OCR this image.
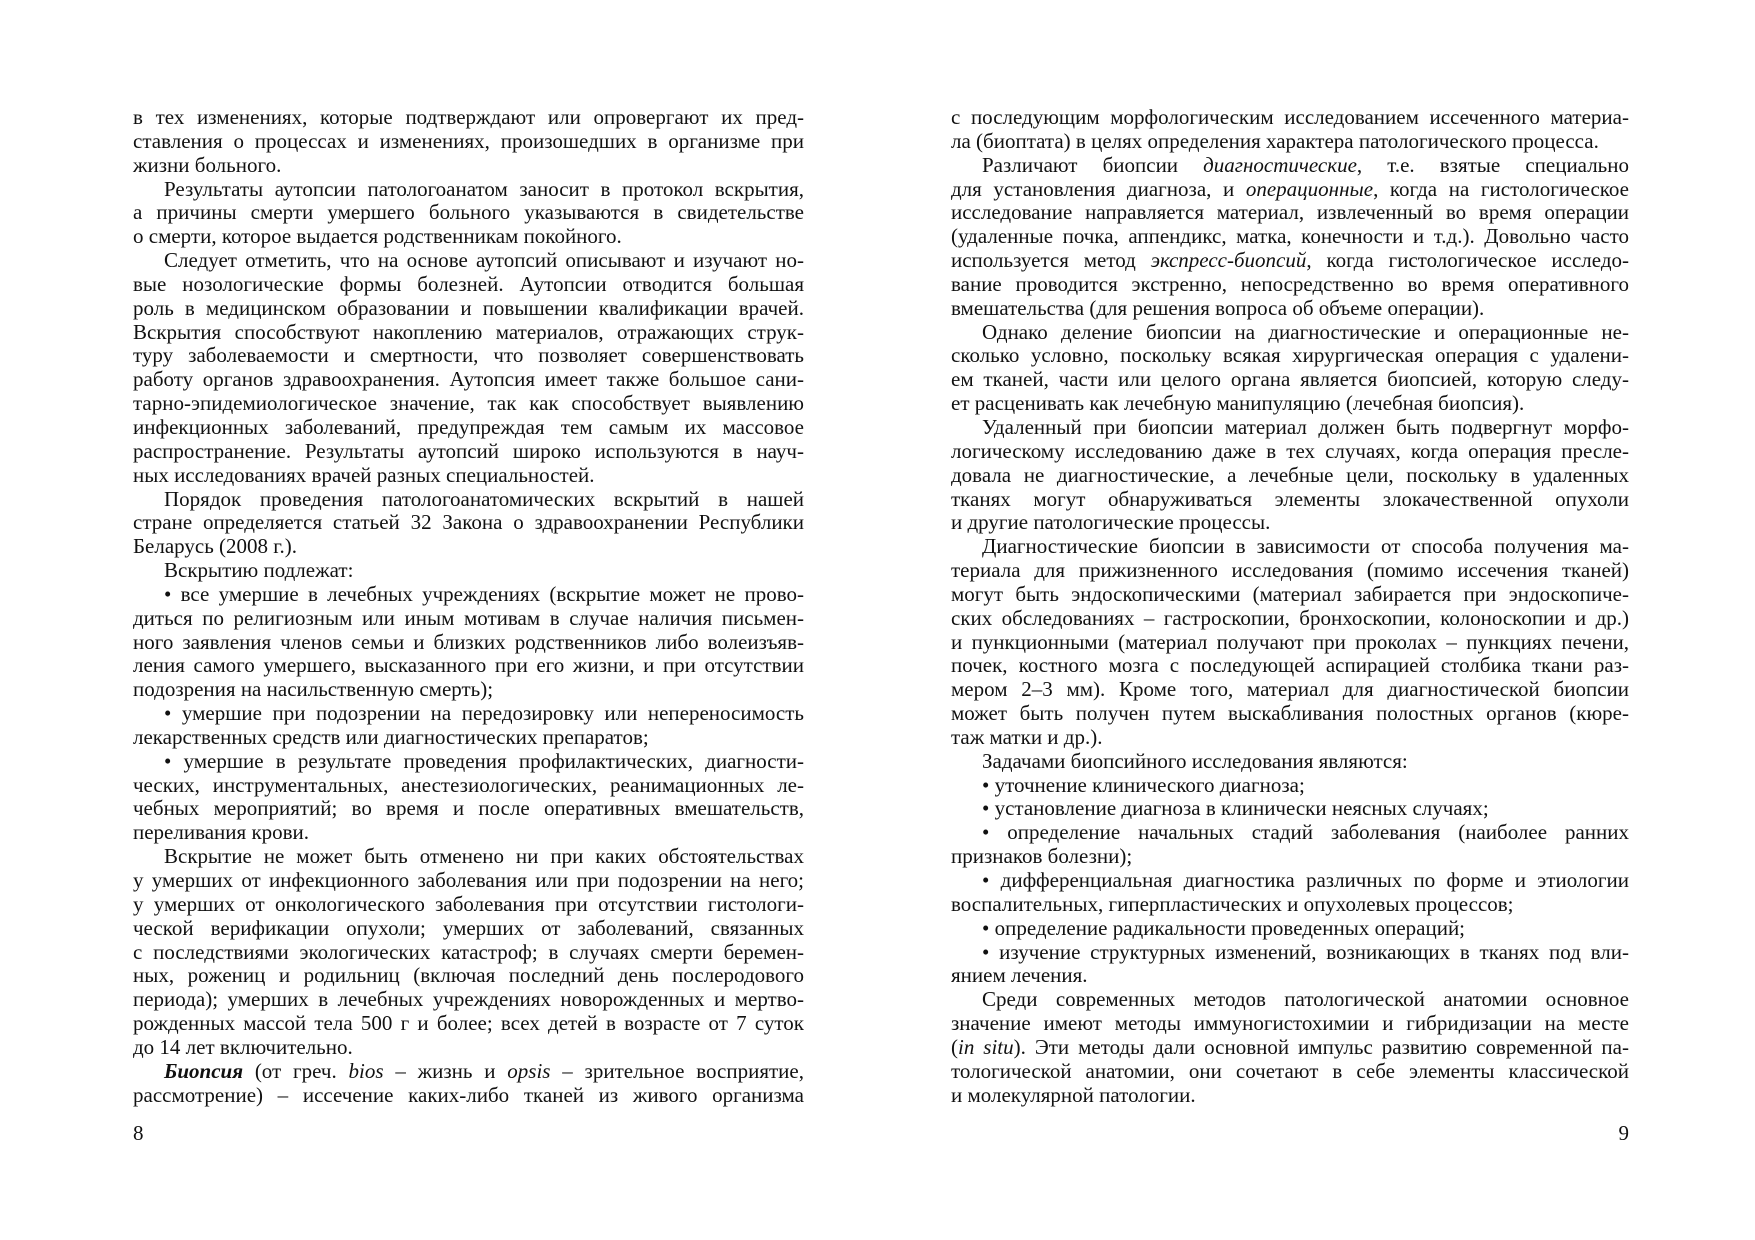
в тех изменениях, которые подтверждают или опровергают их пред-
ставления о процессах и изменениях, произошедших в организме при
жизни больного.
Результаты аутопсии патологоанатом заносит в протокол вскрытия,
а причины смерти умершего больного указываются в свидетельстве
о смерти, которое выдается родственникам покойного.
Следует отметить, что на основе аутопсий описывают и изучают но-
вые нозологические формы болезней. Аутопсии отводится большая
роль в медицинском образовании и повышении квалификации врачей.
Вскрытия способствуют накоплению материалов, отражающих струк-
туру заболеваемости и смертности, что позволяет совершенствовать
работу органов здравоохранения. Аутопсия имеет также большое сани-
тарно-эпидемиологическое значение, так как способствует выявлению
инфекционных заболеваний, предупреждая тем самым их массовое
распространение. Результаты аутопсий широко используются в науч-
ных исследованиях врачей разных специальностей.
Порядок проведения патологоанатомических вскрытий в нашей
стране определяется статьей 32 Закона о здравоохранении Республики
Беларусь (2008 г.).
Вскрытию подлежат:
• все умершие в лечебных учреждениях (вскрытие может не прово-
диться по религиозным или иным мотивам в случае наличия письмен-
ного заявления членов семьи и близких родственников либо волеизъяв-
ления самого умершего, высказанного при его жизни, и при отсутствии
подозрения на насильственную смерть);
• умершие при подозрении на передозировку или непереносимость
лекарственных средств или диагностических препаратов;
• умершие в результате проведения профилактических, диагности-
ческих, инструментальных, анестезиологических, реанимационных ле-
чебных мероприятий; во время и после оперативных вмешательств,
переливания крови.
Вскрытие не может быть отменено ни при каких обстоятельствах
у умерших от инфекционного заболевания или при подозрении на него;
у умерших от онкологического заболевания при отсутствии гистологи-
ческой верификации опухоли; умерших от заболеваний, связанных
с последствиями экологических катастроф; в случаях смерти беремен-
ных, рожениц и родильниц (включая последний день послеродового
периода); умерших в лечебных учреждениях новорожденных и мертво-
рожденных массой тела 500 г и более; всех детей в возрасте от 7 суток
до 14 лет включительно.
Биопсия (от греч. bios – жизнь и opsis – зрительное восприятие,
рассмотрение) – иссечение каких-либо тканей из живого организма
с последующим морфологическим исследованием иссеченного материа-
ла (биоптата) в целях определения характера патологического процесса.
Различают биопсии диагностические, т.е. взятые специально
для установления диагноза, и операционные, когда на гистологическое
исследование направляется материал, извлеченный во время операции
(удаленные почка, аппендикс, матка, конечности и т.д.). Довольно часто
используется метод экспресс-биопсий, когда гистологическое исследо-
вание проводится экстренно, непосредственно во время оперативного
вмешательства (для решения вопроса об объеме операции).
Однако деление биопсии на диагностические и операционные не-
сколько условно, поскольку всякая хирургическая операция с удалени-
ем тканей, части или целого органа является биопсией, которую следу-
ет расценивать как лечебную манипуляцию (лечебная биопсия).
Удаленный при биопсии материал должен быть подвергнут морфо-
логическому исследованию даже в тех случаях, когда операция пресле-
довала не диагностические, а лечебные цели, поскольку в удаленных
тканях могут обнаруживаться элементы злокачественной опухоли
и другие патологические процессы.
Диагностические биопсии в зависимости от способа получения ма-
териала для прижизненного исследования (помимо иссечения тканей)
могут быть эндоскопическими (материал забирается при эндоскопиче-
ских обследованиях – гастроскопии, бронхоскопии, колоноскопии и др.)
и пункционными (материал получают при проколах – пункциях печени,
почек, костного мозга с последующей аспирацией столбика ткани раз-
мером 2–3 мм). Кроме того, материал для диагностической биопсии
может быть получен путем выскабливания полостных органов (кюре-
таж матки и др.).
Задачами биопсийного исследования являются:
• уточнение клинического диагноза;
• установление диагноза в клинически неясных случаях;
• определение начальных стадий заболевания (наиболее ранних
признаков болезни);
• дифференциальная диагностика различных по форме и этиологии
воспалительных, гиперпластических и опухолевых процессов;
• определение радикальности проведенных операций;
• изучение структурных изменений, возникающих в тканях под вли-
янием лечения.
Среди современных методов патологической анатомии основное
значение имеют методы иммуногистохимии и гибридизации на месте
(in situ). Эти методы дали основной импульс развитию современной па-
тологической анатомии, они сочетают в себе элементы классической
и молекулярной патологии.
8	9
